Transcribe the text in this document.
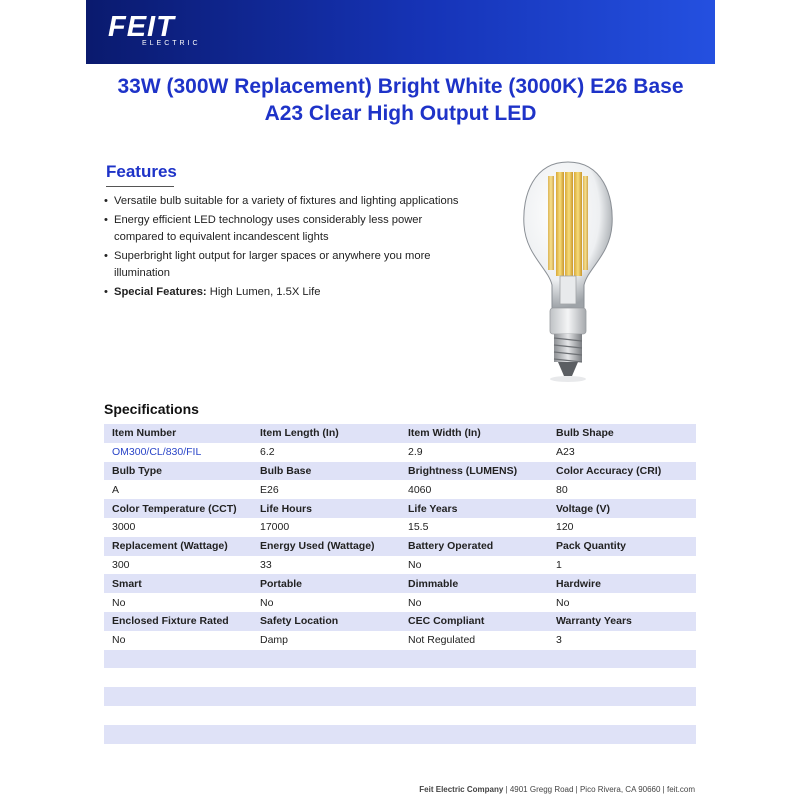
FEIT
ELECTRIC
33W (300W Replacement) Bright White (3000K) E26 Base
A23 Clear High Output LED
Features
• Versatile bulb suitable for a variety of fixtures and lighting applications
• Energy efficient LED technology uses considerably less power compared to equivalent incandescent lights
• Superbright light output for larger spaces or anywhere you more illumination
• Special Features: High Lumen, 1.5X Life
Specifications
Item Number	Item Length (In)	Item Width (In)	Bulb Shape
OM300/CL/830/FIL	6.2	2.9	A23
Bulb Type	Bulb Base	Brightness (LUMENS)	Color Accuracy (CRI)
A	E26	4060	80
Color Temperature (CCT)	Life Hours	Life Years	Voltage (V)
3000	17000	15.5	120
Replacement (Wattage)	Energy Used (Wattage)	Battery Operated	Pack Quantity
300	33	No	1
Smart	Portable	Dimmable	Hardwire
No	No	No	No
Enclosed Fixture Rated	Safety Location	CEC Compliant	Warranty Years
No	Damp	Not Regulated	3
Feit Electric Company | 4901 Gregg Road | Pico Rivera, CA 90660 | feit.com
